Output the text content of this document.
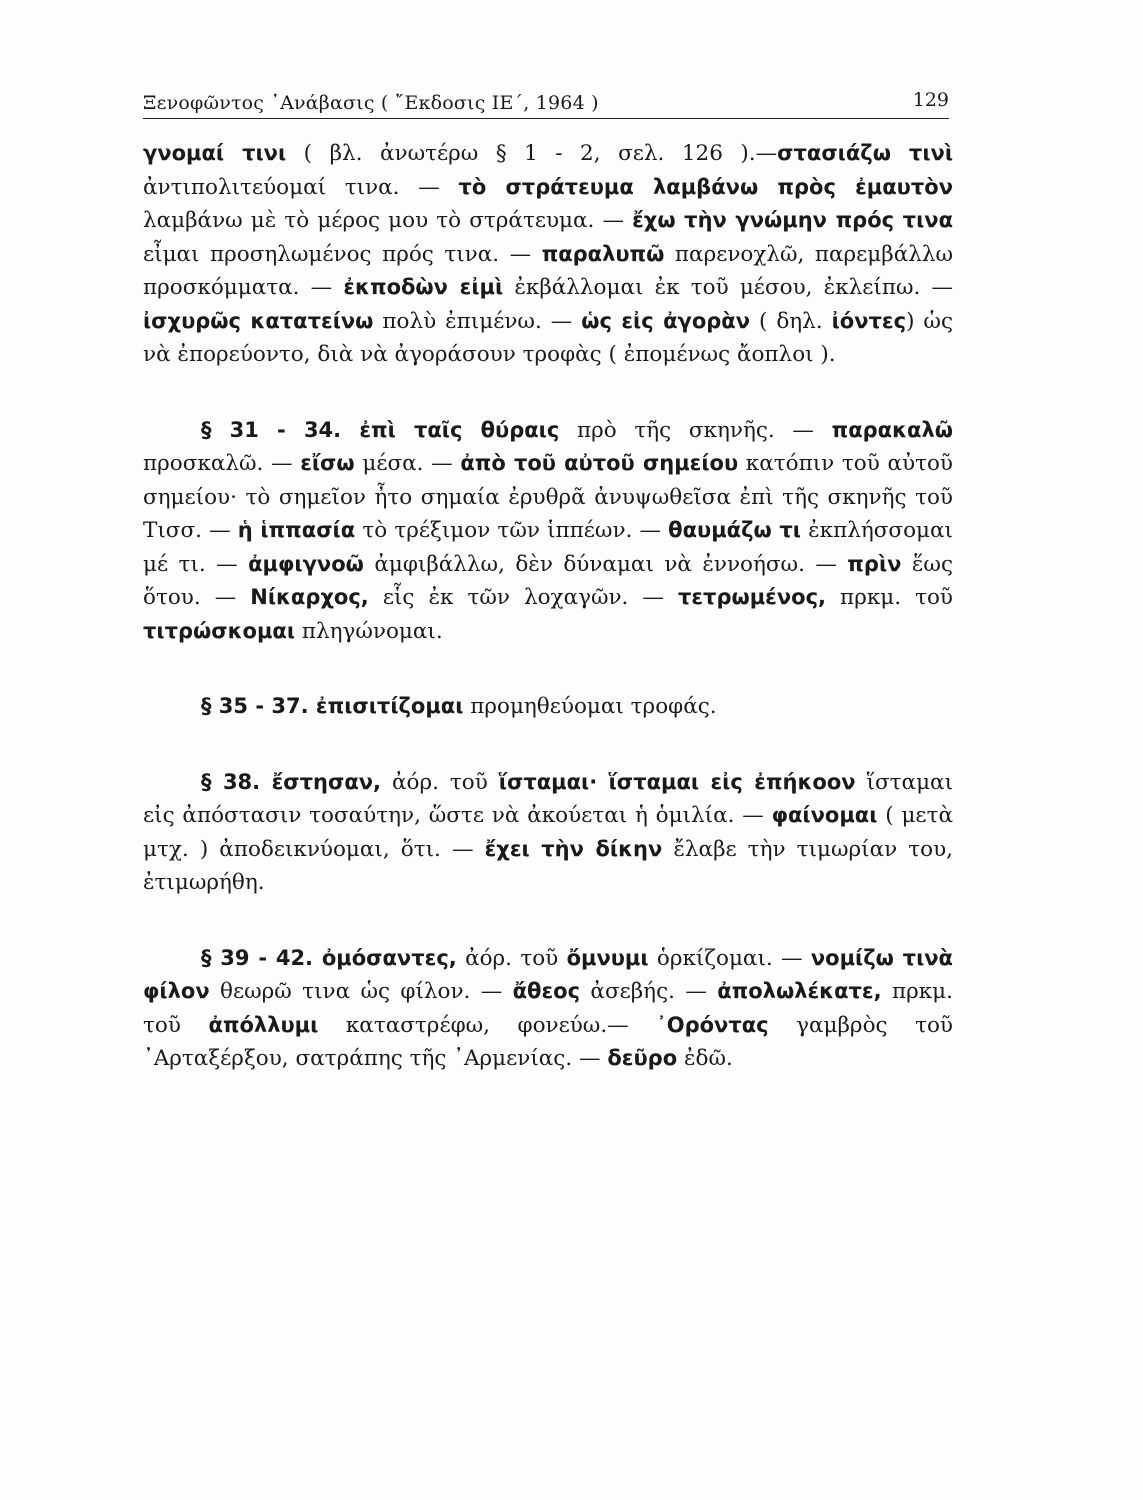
Ξενοφῶντος ᾿Ανάβασις ( ῎Εκδοσις ΙΕ΄, 1964 )	129

γνομαί τινι ( βλ. ἀνωτέρω § 1 - 2, σελ. 126 ).—στασιάζω τινὶ ἀντιπολιτεύομαί τινα. — τὸ στράτευμα λαμβάνω πρὸς ἐμαυτὸν λαμβάνω μὲ τὸ μέρος μου τὸ στράτευμα. — ἔχω τὴν γνώμην πρός τινα εἶμαι προσηλωμένος πρός τινα. — παραλυπῶ παρενοχλῶ, παρεμβάλλω προσκόμματα. — ἐκποδὼν εἰμὶ ἐκβάλλομαι ἐκ τοῦ μέσου, ἐκλείπω. — ἰσχυρῶς κατατείνω πολὺ ἐπιμένω. — ὡς εἰς ἀγορὰν ( δηλ. ἰόντες) ὡς νὰ ἐπορεύοντο, διὰ νὰ ἀγοράσουν τροφὰς ( ἐπομένως ἄοπλοι ).

§ 31 - 34. ἐπὶ ταῖς θύραις πρὸ τῆς σκηνῆς. — παρακαλῶ προσκαλῶ. — εἴσω μέσα. — ἀπὸ τοῦ αὐτοῦ σημείου κατόπιν τοῦ αὐτοῦ σημείου· τὸ σημεῖον ἦτο σημαία ἐρυθρᾶ ἀνυψωθεῖσα ἐπὶ τῆς σκηνῆς τοῦ Τισσ. — ἡ ἱππασία τὸ τρέξιμον τῶν ἱππέων. — θαυμάζω τι ἐκπλήσσομαι μέ τι. — ἀμφιγνοῶ ἀμφιβάλλω, δὲν δύναμαι νὰ ἐννοήσω. — πρὶν ἕως ὅτου. — Νίκαρχος, εἷς ἐκ τῶν λοχαγῶν. — τετρωμένος, πρκμ. τοῦ τιτρώσκομαι πληγώνομαι.

§ 35 - 37. ἐπισιτίζομαι προμηθεύομαι τροφάς.

§ 38. ἔστησαν, ἀόρ. τοῦ ἵσταμαι· ἵσταμαι εἰς ἐπήκοον ἵσταμαι εἰς ἀπόστασιν τοσαύτην, ὥστε νὰ ἀκούεται ἡ ὁμιλία. — φαίνομαι ( μετὰ μτχ. ) ἀποδεικνύομαι, ὅτι. — ἔχει τὴν δίκην ἔλαβε τὴν τιμωρίαν του, ἐτιμωρήθη.

§ 39 - 42. ὀμόσαντες, ἀόρ. τοῦ ὄμνυμι ὁρκίζομαι. — νομίζω τινὰ φίλον θεωρῶ τινα ὡς φίλον. — ἄθεος ἀσεβής. — ἀπολωλέκατε, πρκμ. τοῦ ἀπόλλυμι καταστρέφω, φονεύω.— ᾿Ορόντας γαμβρὸς τοῦ ᾿Αρταξέρξου, σατράπης τῆς ᾿Αρμενίας. — δεῦρο ἐδῶ.
